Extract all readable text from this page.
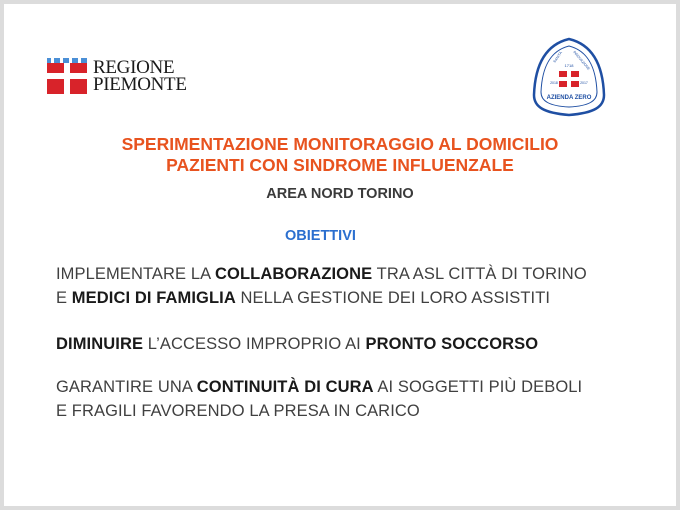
REGIONE
PIEMONTE
1718
2018	2017
SANITÀ	INNOVAZIONE
AZIENDA ZERO
SPERIMENTAZIONE MONITORAGGIO AL DOMICILIO
PAZIENTI CON SINDROME INFLUENZALE
AREA NORD TORINO
OBIETTIVI
IMPLEMENTARE LA COLLABORAZIONE TRA ASL CITTÀ DI TORINO
E MEDICI DI FAMIGLIA NELLA GESTIONE DEI LORO ASSISTITI
DIMINUIRE L’ACCESSO IMPROPRIO AI PRONTO SOCCORSO
GARANTIRE UNA CONTINUITÀ DI CURA AI SOGGETTI PIÙ DEBOLI
E FRAGILI FAVORENDO LA PRESA IN CARICO
